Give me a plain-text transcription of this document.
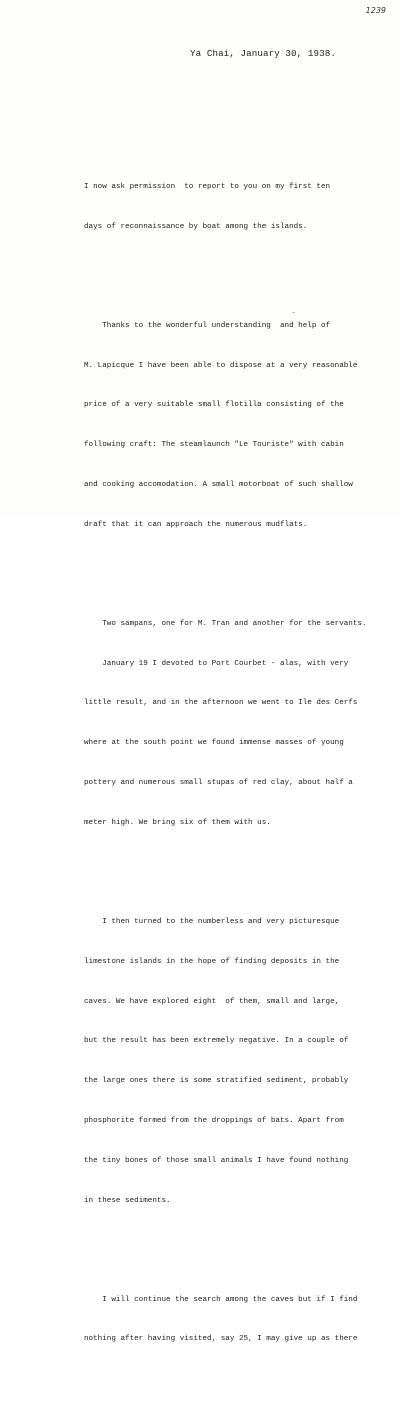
1239
Ya Chai, January 30, 1938.
˘

I now ask permission  to report to you on my first ten

days of reconnaissance by boat among the islands.

Thanks to the wonderful understanding  and help of

M. Lapicque I have been able to dispose at a very reasonable

price of a very suitable small flotilla consisting of the

following craft: The steamlaunch "Le Touriste" with cabin

and cooking accomodation. A small motorboat of such shallow

draft that it can approach the numerous mudflats.

Two sampans, one for M. Tran and another for the servants.

January 19 I devoted to Port Courbet - alas, with very

little result, and in the afternoon we went to Ile des Cerfs

where at the south point we found immense masses of young

pottery and numerous small stupas of red clay, about half a

meter high. We bring six of them with us.

I then turned to the numberless and very picturesque

limestone islands in the hope of finding deposits in the

caves. We have explored eight  of them, small and large,

but the result has been extremely negative. In a couple of

the large ones there is some stratified sediment, probably

phosphorite formed from the droppings of bats. Apart from

the tiny bones of those small animals I have found nothing

in these sediments.

I will continue the search among the caves but if I find

nothing after having visited, say 25, I may give up as there
